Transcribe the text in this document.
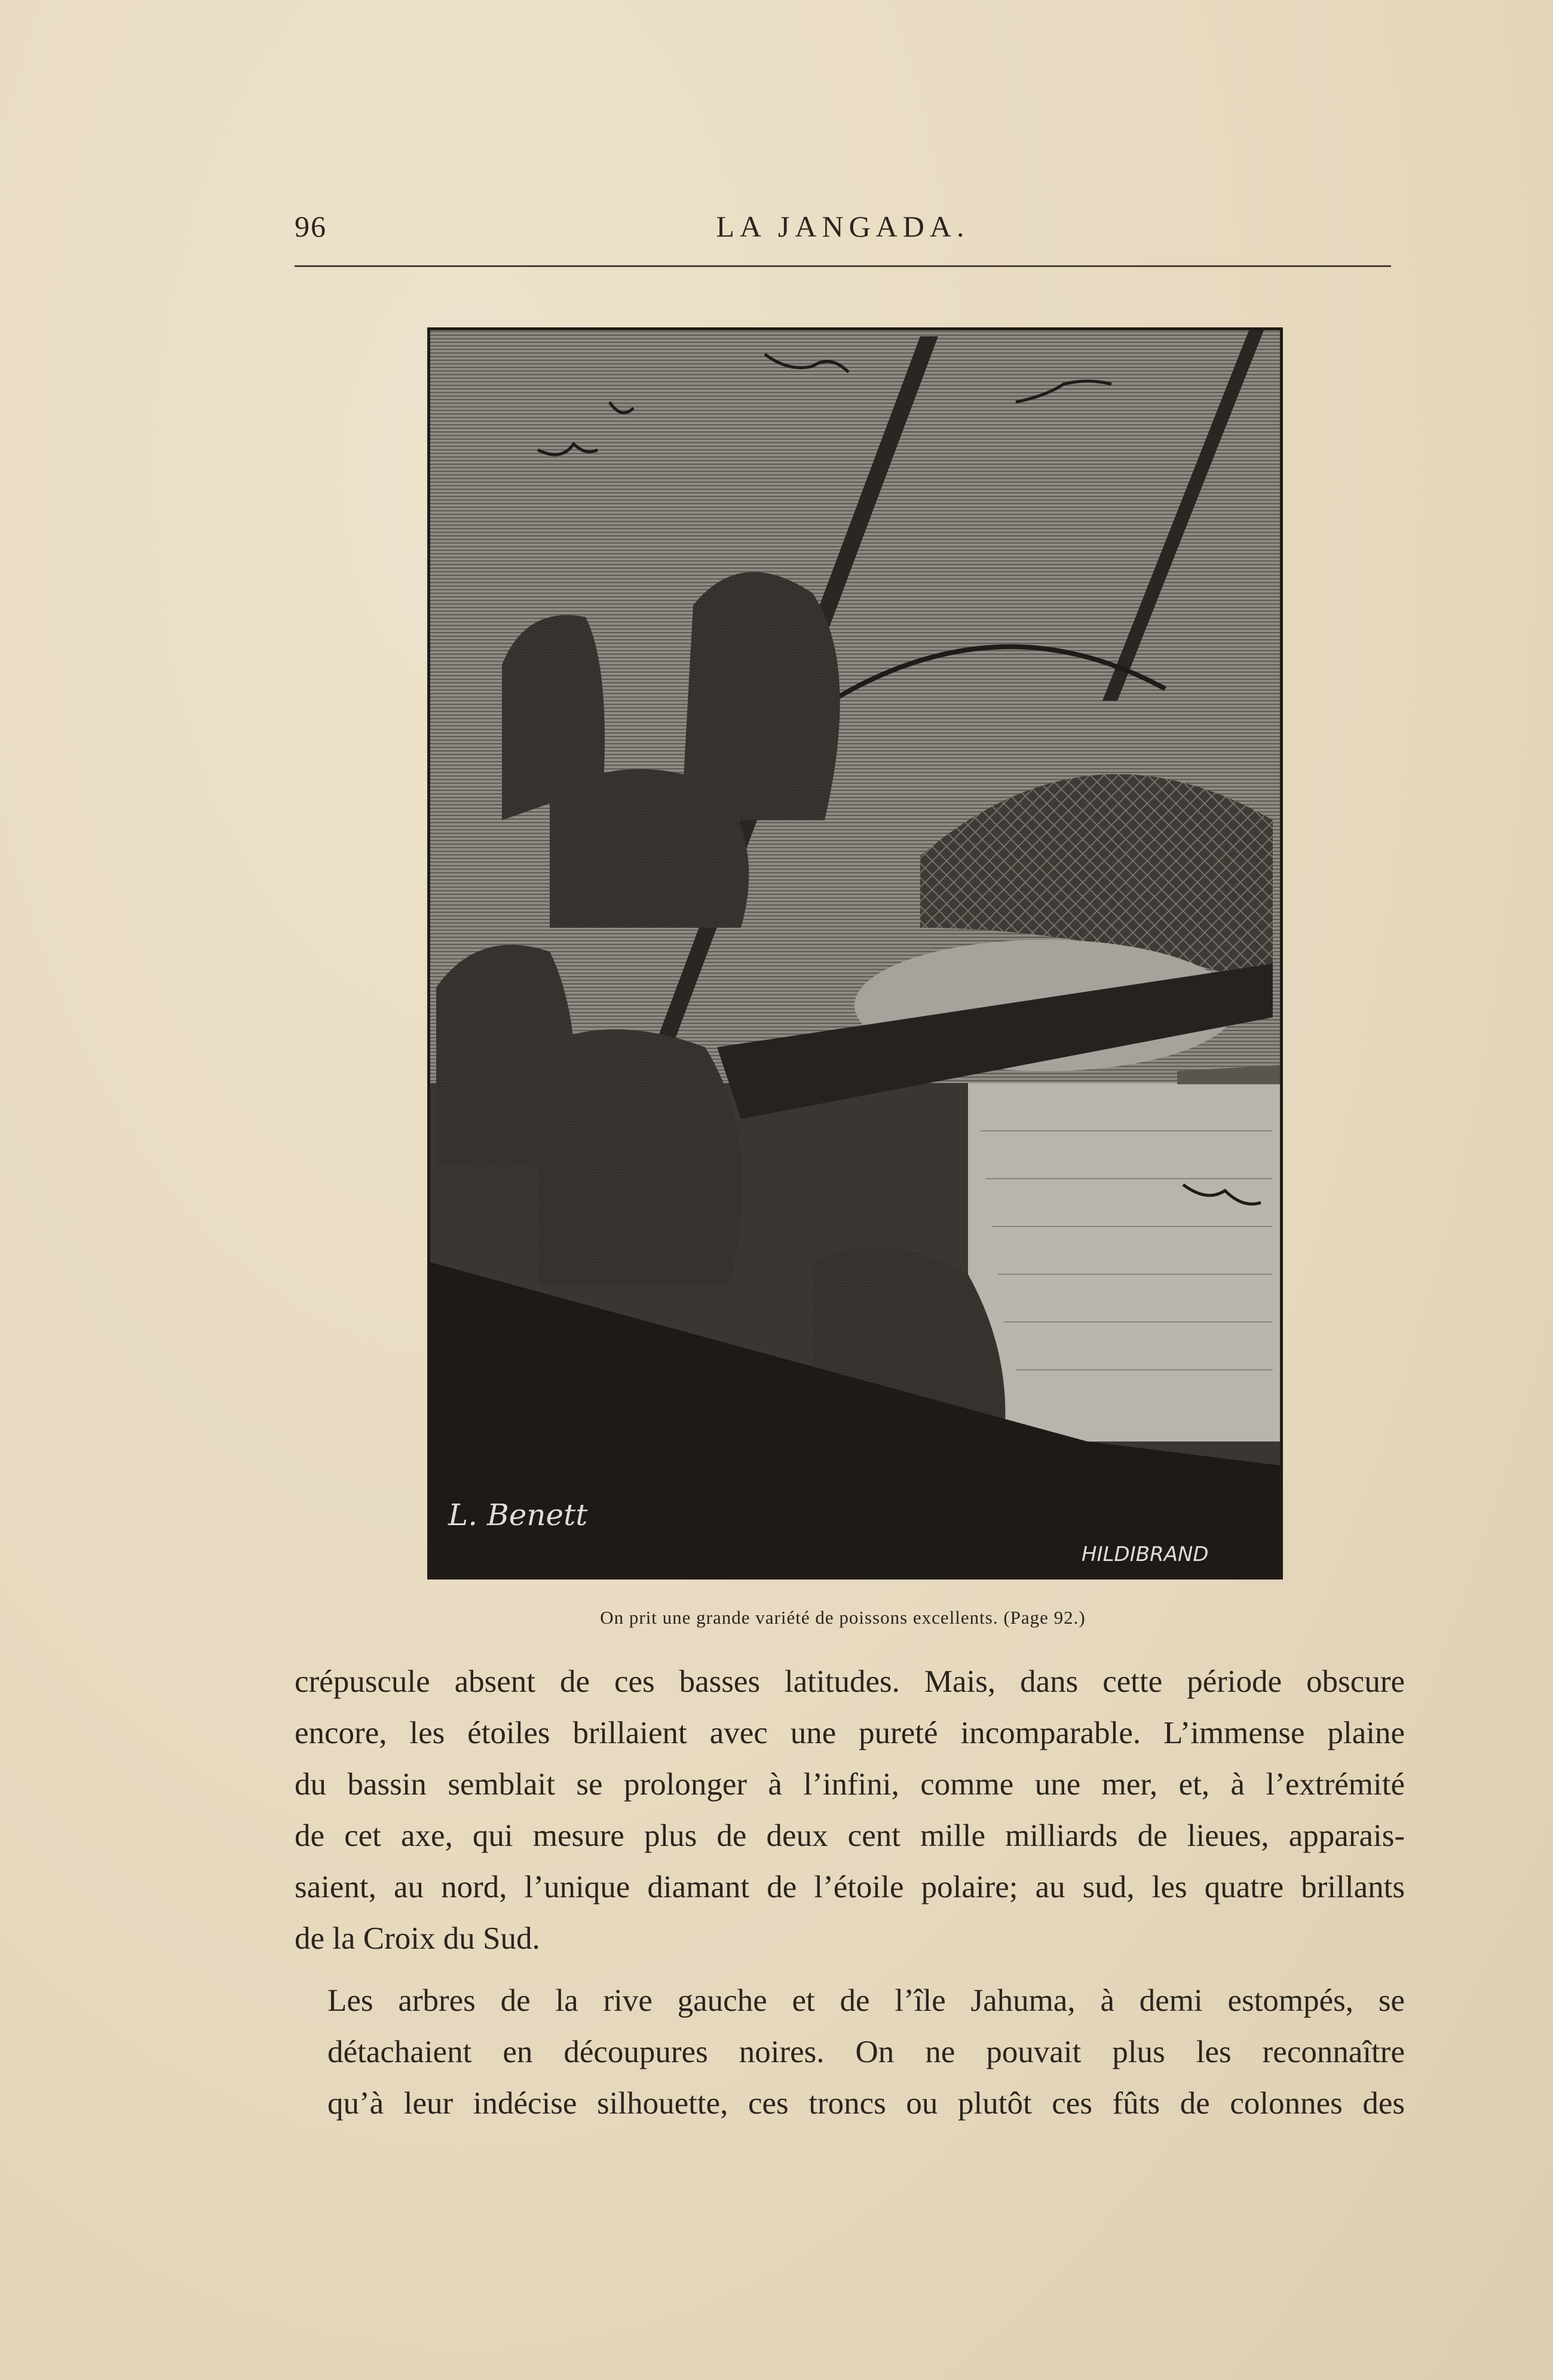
96	LA JANGADA.
L. Benett
HILDIBRAND
On prit une grande variété de poissons excellents. (Page 92.)

crépuscule absent de ces basses latitudes. Mais, dans cette période obscure
encore, les étoiles brillaient avec une pureté incomparable. L’immense plaine
du bassin semblait se prolonger à l’infini, comme une mer, et, à l’extrémité
de cet axe, qui mesure plus de deux cent mille milliards de lieues, apparais-
saient, au nord, l’unique diamant de l’étoile polaire; au sud, les quatre brillants
de la Croix du Sud.

Les arbres de la rive gauche et de l’île Jahuma, à demi estompés, se
détachaient en découpures noires. On ne pouvait plus les reconnaître
qu’à leur indécise silhouette, ces troncs ou plutôt ces fûts de colonnes des
